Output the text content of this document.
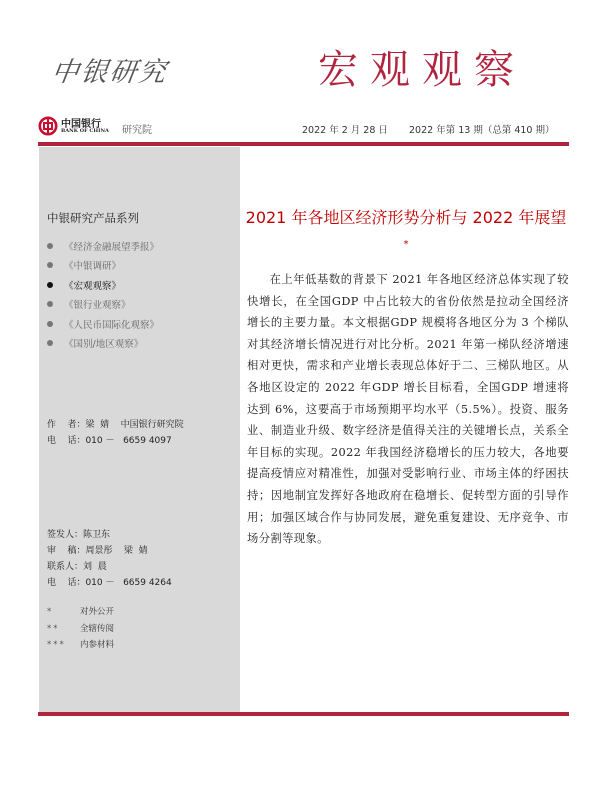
中银研究	宏观观察
中国银行
BANK OF CHINA 研究院	2022 年 2 月 28 日 2022 年第 13 期（总第 410 期）
中银研究产品系列
《经济金融展望季报》
《中银调研》
《宏观观察》
《银行业观察》
《人民币国际化观察》
《国别/地区观察》
作    者：梁  婧    中国银行研究院
电    话：010 －   6659 4097
签发人：陈卫东
审    稿：周景彤    梁  婧
联系人：刘  晨
电    话：010 －   6659 4264
*	对外公开
**	全辖传阅
***	内参材料
2021 年各地区经济形势分析与 2022 年展望*
在上年低基数的背景下 2021 年各地区经济总体实现了较快增长，在全国GDP 中占比较大的省份依然是拉动全国经济增长的主要力量。本文根据GDP 规模将各地区分为 3 个梯队对其经济增长情况进行对比分析。2021 年第一梯队经济增速相对更快，需求和产业增长表现总体好于二、三梯队地区。从各地区设定的 2022 年GDP 增长目标看，全国GDP 增速将达到 6%，这要高于市场预期平均水平（5.5%）。投资、服务业、制造业升级、数字经济是值得关注的关键增长点，关系全年目标的实现。2022 年我国经济稳增长的压力较大，各地要提高疫情应对精准性，加强对受影响行业、市场主体的纾困扶持；因地制宜发挥好各地政府在稳增长、促转型方面的引导作用；加强区域合作与协同发展，避免重复建设、无序竞争、市场分割等现象。
